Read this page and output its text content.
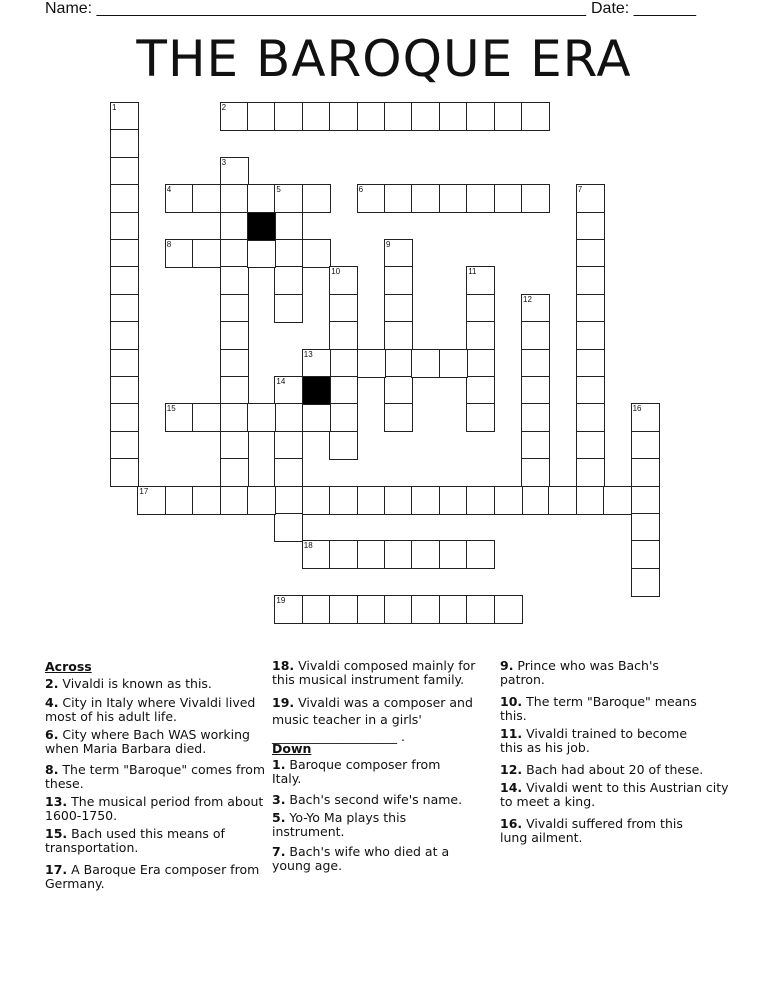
Name: _______________________________________________________ Date: _______
THE BAROQUE ERA
1	2
3
4	5	6	7
8	9
10	11
12
13
14
15	16
17
18
19
Across
2. Vivaldi is known as this.
4. City in Italy where Vivaldi lived most of his adult life.
6. City where Bach WAS working when Maria Barbara died.
8. The term "Baroque" comes from these.
13. The musical period from about 1600-1750.
15. Bach used this means of transportation.
17. A Baroque Era composer from Germany.
18. Vivaldi composed mainly for this musical instrument family.
19. Vivaldi was a composer and music teacher in a girls' ____________________ .
Down
1. Baroque composer from Italy.
3. Bach's second wife's name.
5. Yo-Yo Ma plays this instrument.
7. Bach's wife who died at a young age.
9. Prince who was Bach's patron.
10. The term "Baroque" means this.
11. Vivaldi trained to become this as his job.
12. Bach had about 20 of these.
14. Vivaldi went to this Austrian city to meet a king.
16. Vivaldi suffered from this lung ailment.
